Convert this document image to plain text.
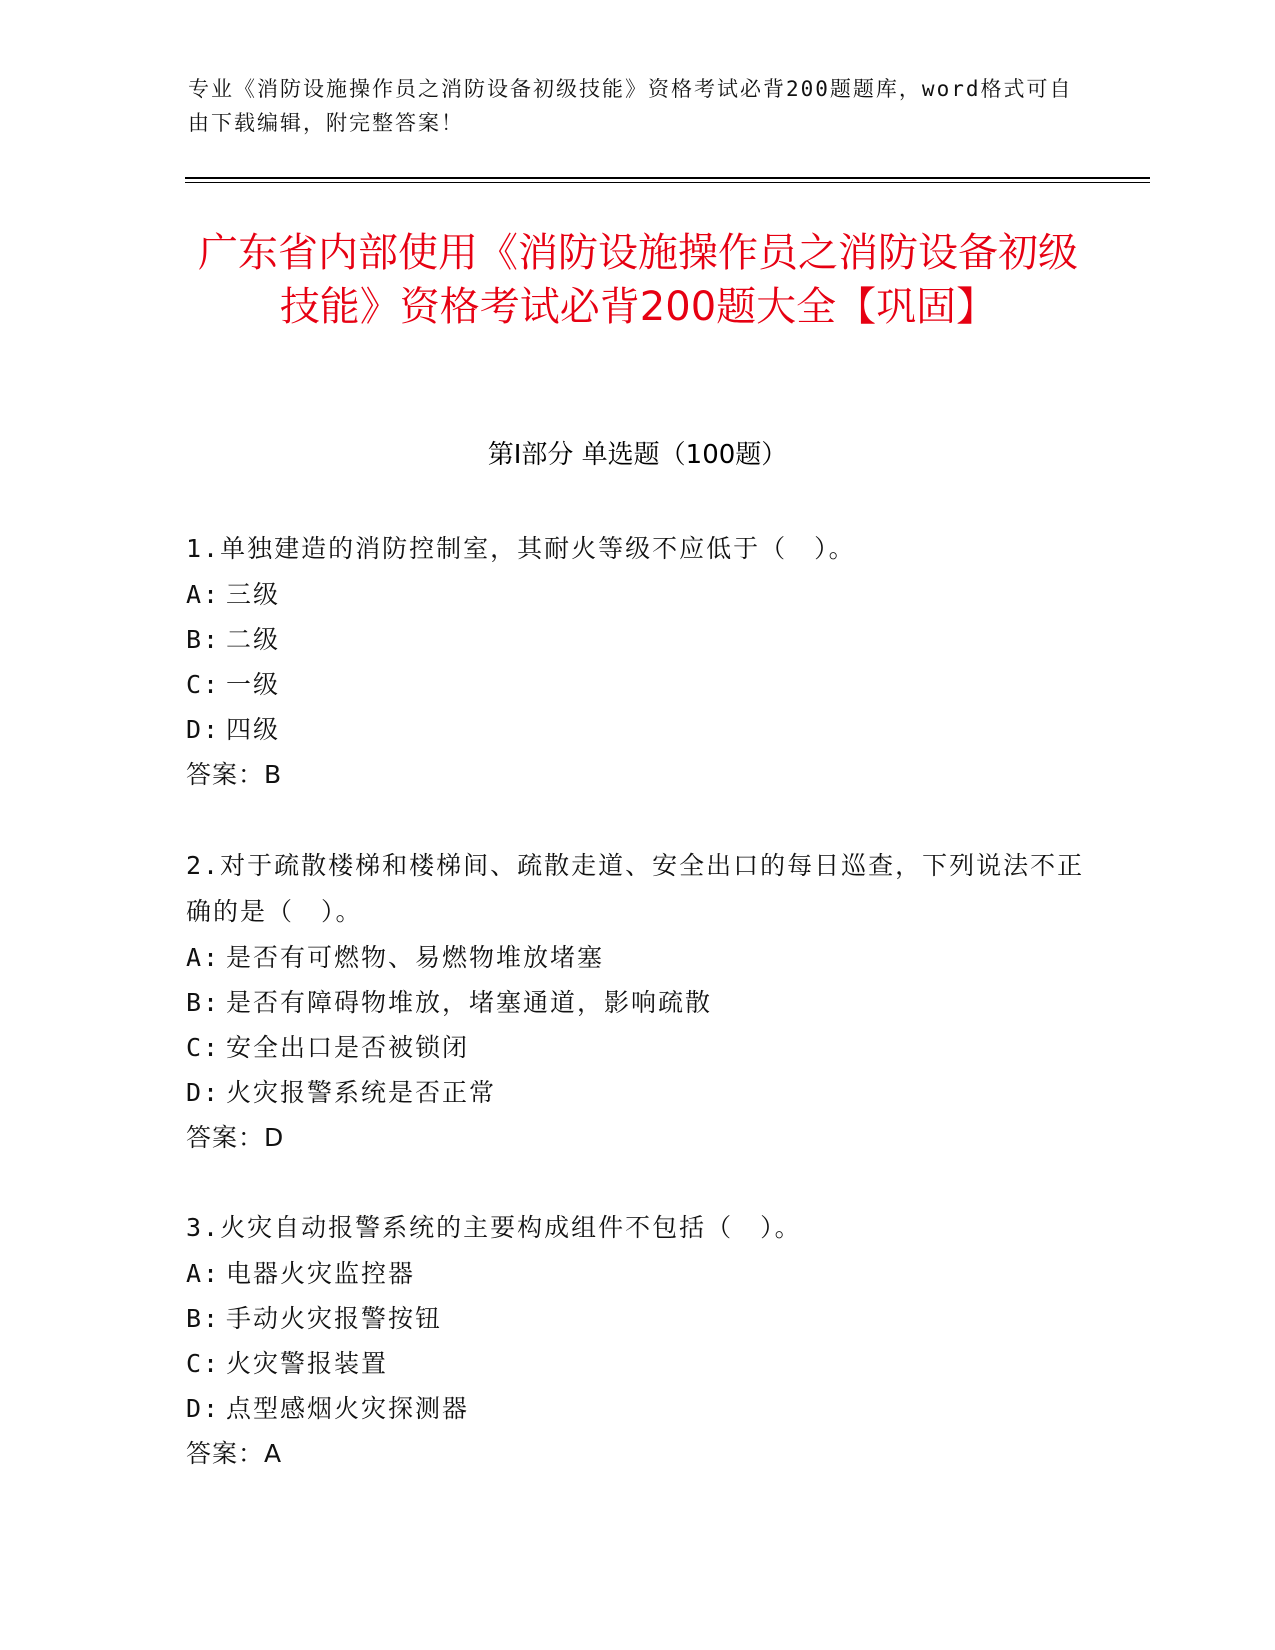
专业《消防设施操作员之消防设备初级技能》资格考试必背200题题库，word格式可自由下载编辑，附完整答案！
广东省内部使用《消防设施操作员之消防设备初级技能》资格考试必背200题大全【巩固】
第Ⅰ部分 单选题（100题）

1.单独建造的消防控制室，其耐火等级不应低于（　）。

A: 三级

B: 二级

C: 一级

D: 四级

答案：B

2.对于疏散楼梯和楼梯间、疏散走道、安全出口的每日巡查，下列说法不正确的是（　）。

A: 是否有可燃物、易燃物堆放堵塞

B: 是否有障碍物堆放，堵塞通道，影响疏散

C: 安全出口是否被锁闭

D: 火灾报警系统是否正常

答案：D

3.火灾自动报警系统的主要构成组件不包括（　）。

A: 电器火灾监控器

B: 手动火灾报警按钮

C: 火灾警报装置

D: 点型感烟火灾探测器

答案：A
